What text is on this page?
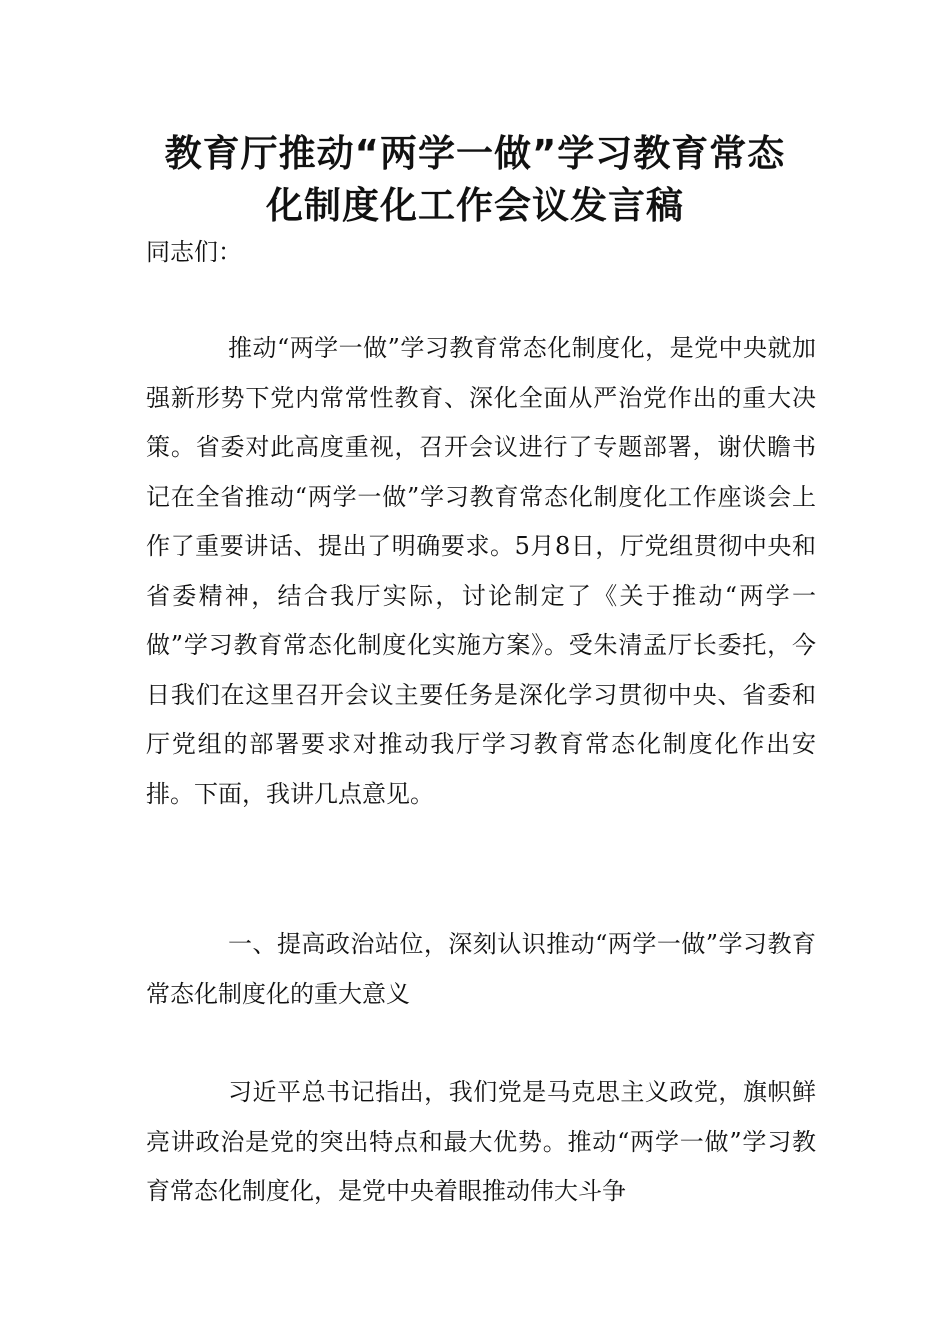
教育厅推动“两学一做”学习教育常态
化制度化工作会议发言稿

同志们：

推动“两学一做”学习教育常态化制度化，是党中央就加强新形势下党内常常性教育、深化全面从严治党作出的重大决策。省委对此高度重视，召开会议进行了专题部署，谢伏瞻书记在全省推动“两学一做”学习教育常态化制度化工作座谈会上作了重要讲话、提出了明确要求。5月8日，厅党组贯彻中央和省委精神，结合我厅实际，讨论制定了《关于推动“两学一做”学习教育常态化制度化实施方案》。受朱清孟厅长委托，今日我们在这里召开会议主要任务是深化学习贯彻中央、省委和厅党组的部署要求对推动我厅学习教育常态化制度化作出安排。下面，我讲几点意见。

一、提高政治站位，深刻认识推动“两学一做”学习教育常态化制度化的重大意义

习近平总书记指出，我们党是马克思主义政党，旗帜鲜亮讲政治是党的突出特点和最大优势。推动“两学一做”学习教育常态化制度化，是党中央着眼推动伟大斗争
